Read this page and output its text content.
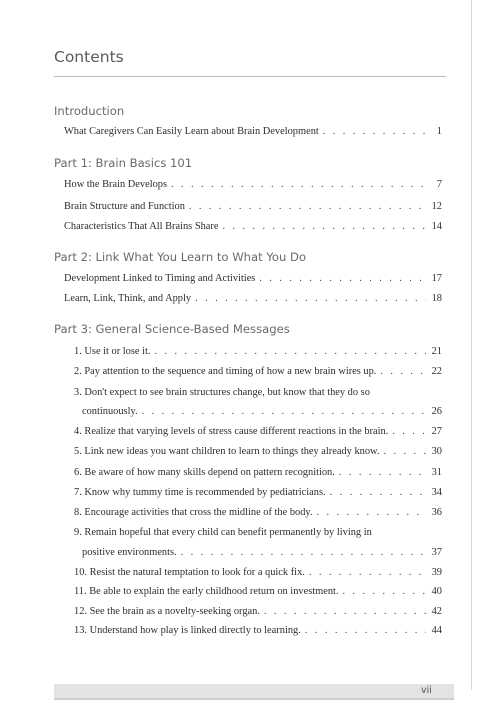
Contents
Introduction
What Caregivers Can Easily Learn about Brain Development . . .	1
Part 1: Brain Basics 101
How the Brain Develops . . .	7
Brain Structure and Function . . .	12
Characteristics That All Brains Share . . .	14
Part 2: Link What You Learn to What You Do
Development Linked to Timing and Activities . . .	17
Learn, Link, Think, and Apply . . .	18
Part 3: General Science-Based Messages
1. Use it or lose it. . . .	21
2. Pay attention to the sequence and timing of how a new brain wires up. . . .	22
3. Don't expect to see brain structures change, but know that they do so
continuously. . . .	26
4. Realize that varying levels of stress cause different reactions in the brain. . . .	27
5. Link new ideas you want children to learn to things they already know. . . .	30
6. Be aware of how many skills depend on pattern recognition. . . .	31
7. Know why tummy time is recommended by pediatricians. . . .	34
8. Encourage activities that cross the midline of the body. . . .	36
9. Remain hopeful that every child can benefit permanently by living in
positive environments. . . .	37
10. Resist the natural temptation to look for a quick fix. . . .	39
11. Be able to explain the early childhood return on investment. . . .	40
12. See the brain as a novelty-seeking organ. . . .	42
13. Understand how play is linked directly to learning. . . .	44
vii
